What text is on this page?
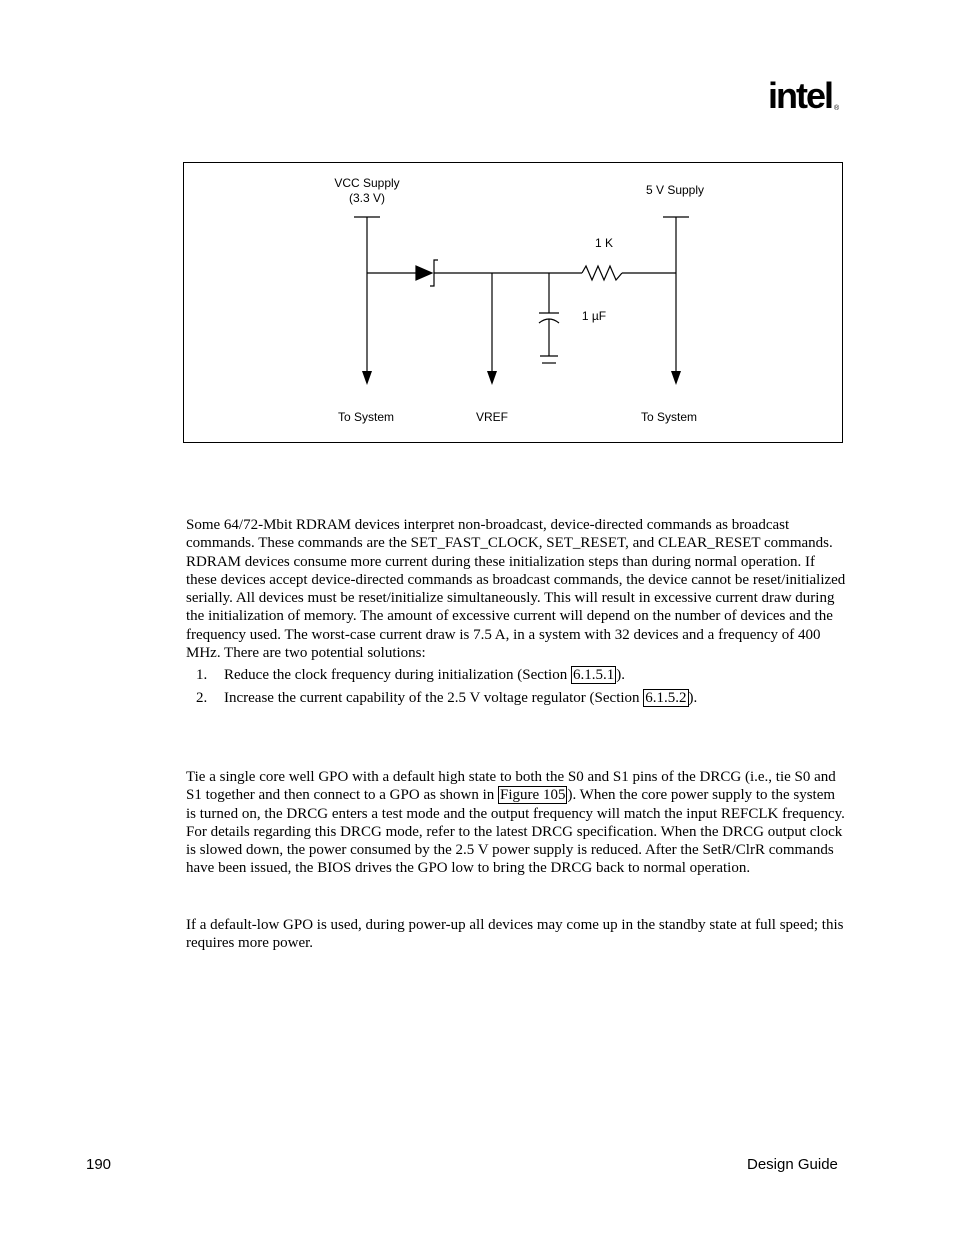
intel ®
VCC Supply
(3.3 V)
5 V Supply
1 K
1 µF
To System	VREF	To System

Some 64/72-Mbit RDRAM devices interpret non-broadcast, device-directed commands as broadcast commands. These commands are the SET_FAST_CLOCK, SET_RESET, and CLEAR_RESET commands. RDRAM devices consume more current during these initialization steps than during normal operation. If these devices accept device-directed commands as broadcast commands, the device cannot be reset/initialized serially. All devices must be reset/initialize simultaneously. This will result in excessive current draw during the initialization of memory. The amount of excessive current will depend on the number of devices and the frequency used. The worst-case current draw is 7.5 A, in a system with 32 devices and a frequency of 400 MHz. There are two potential solutions:

1. Reduce the clock frequency during initialization (Section 6.1.5.1 ).
2. Increase the current capability of the 2.5 V voltage regulator (Section 6.1.5.2 ).

Tie a single core well GPO with a default high state to both the S0 and S1 pins of the DRCG (i.e., tie S0 and S1 together and then connect to a GPO as shown in Figure 105 ). When the core power supply to the system is turned on, the DRCG enters a test mode and the output frequency will match the input REFCLK frequency. For details regarding this DRCG mode, refer to the latest DRCG specification. When the DRCG output clock is slowed down, the power consumed by the 2.5 V power supply is reduced. After the SetR/ClrR commands have been issued, the BIOS drives the GPO low to bring the DRCG back to normal operation.

If a default-low GPO is used, during power-up all devices may come up in the standby state at full speed; this requires more power.

190	Design Guide
